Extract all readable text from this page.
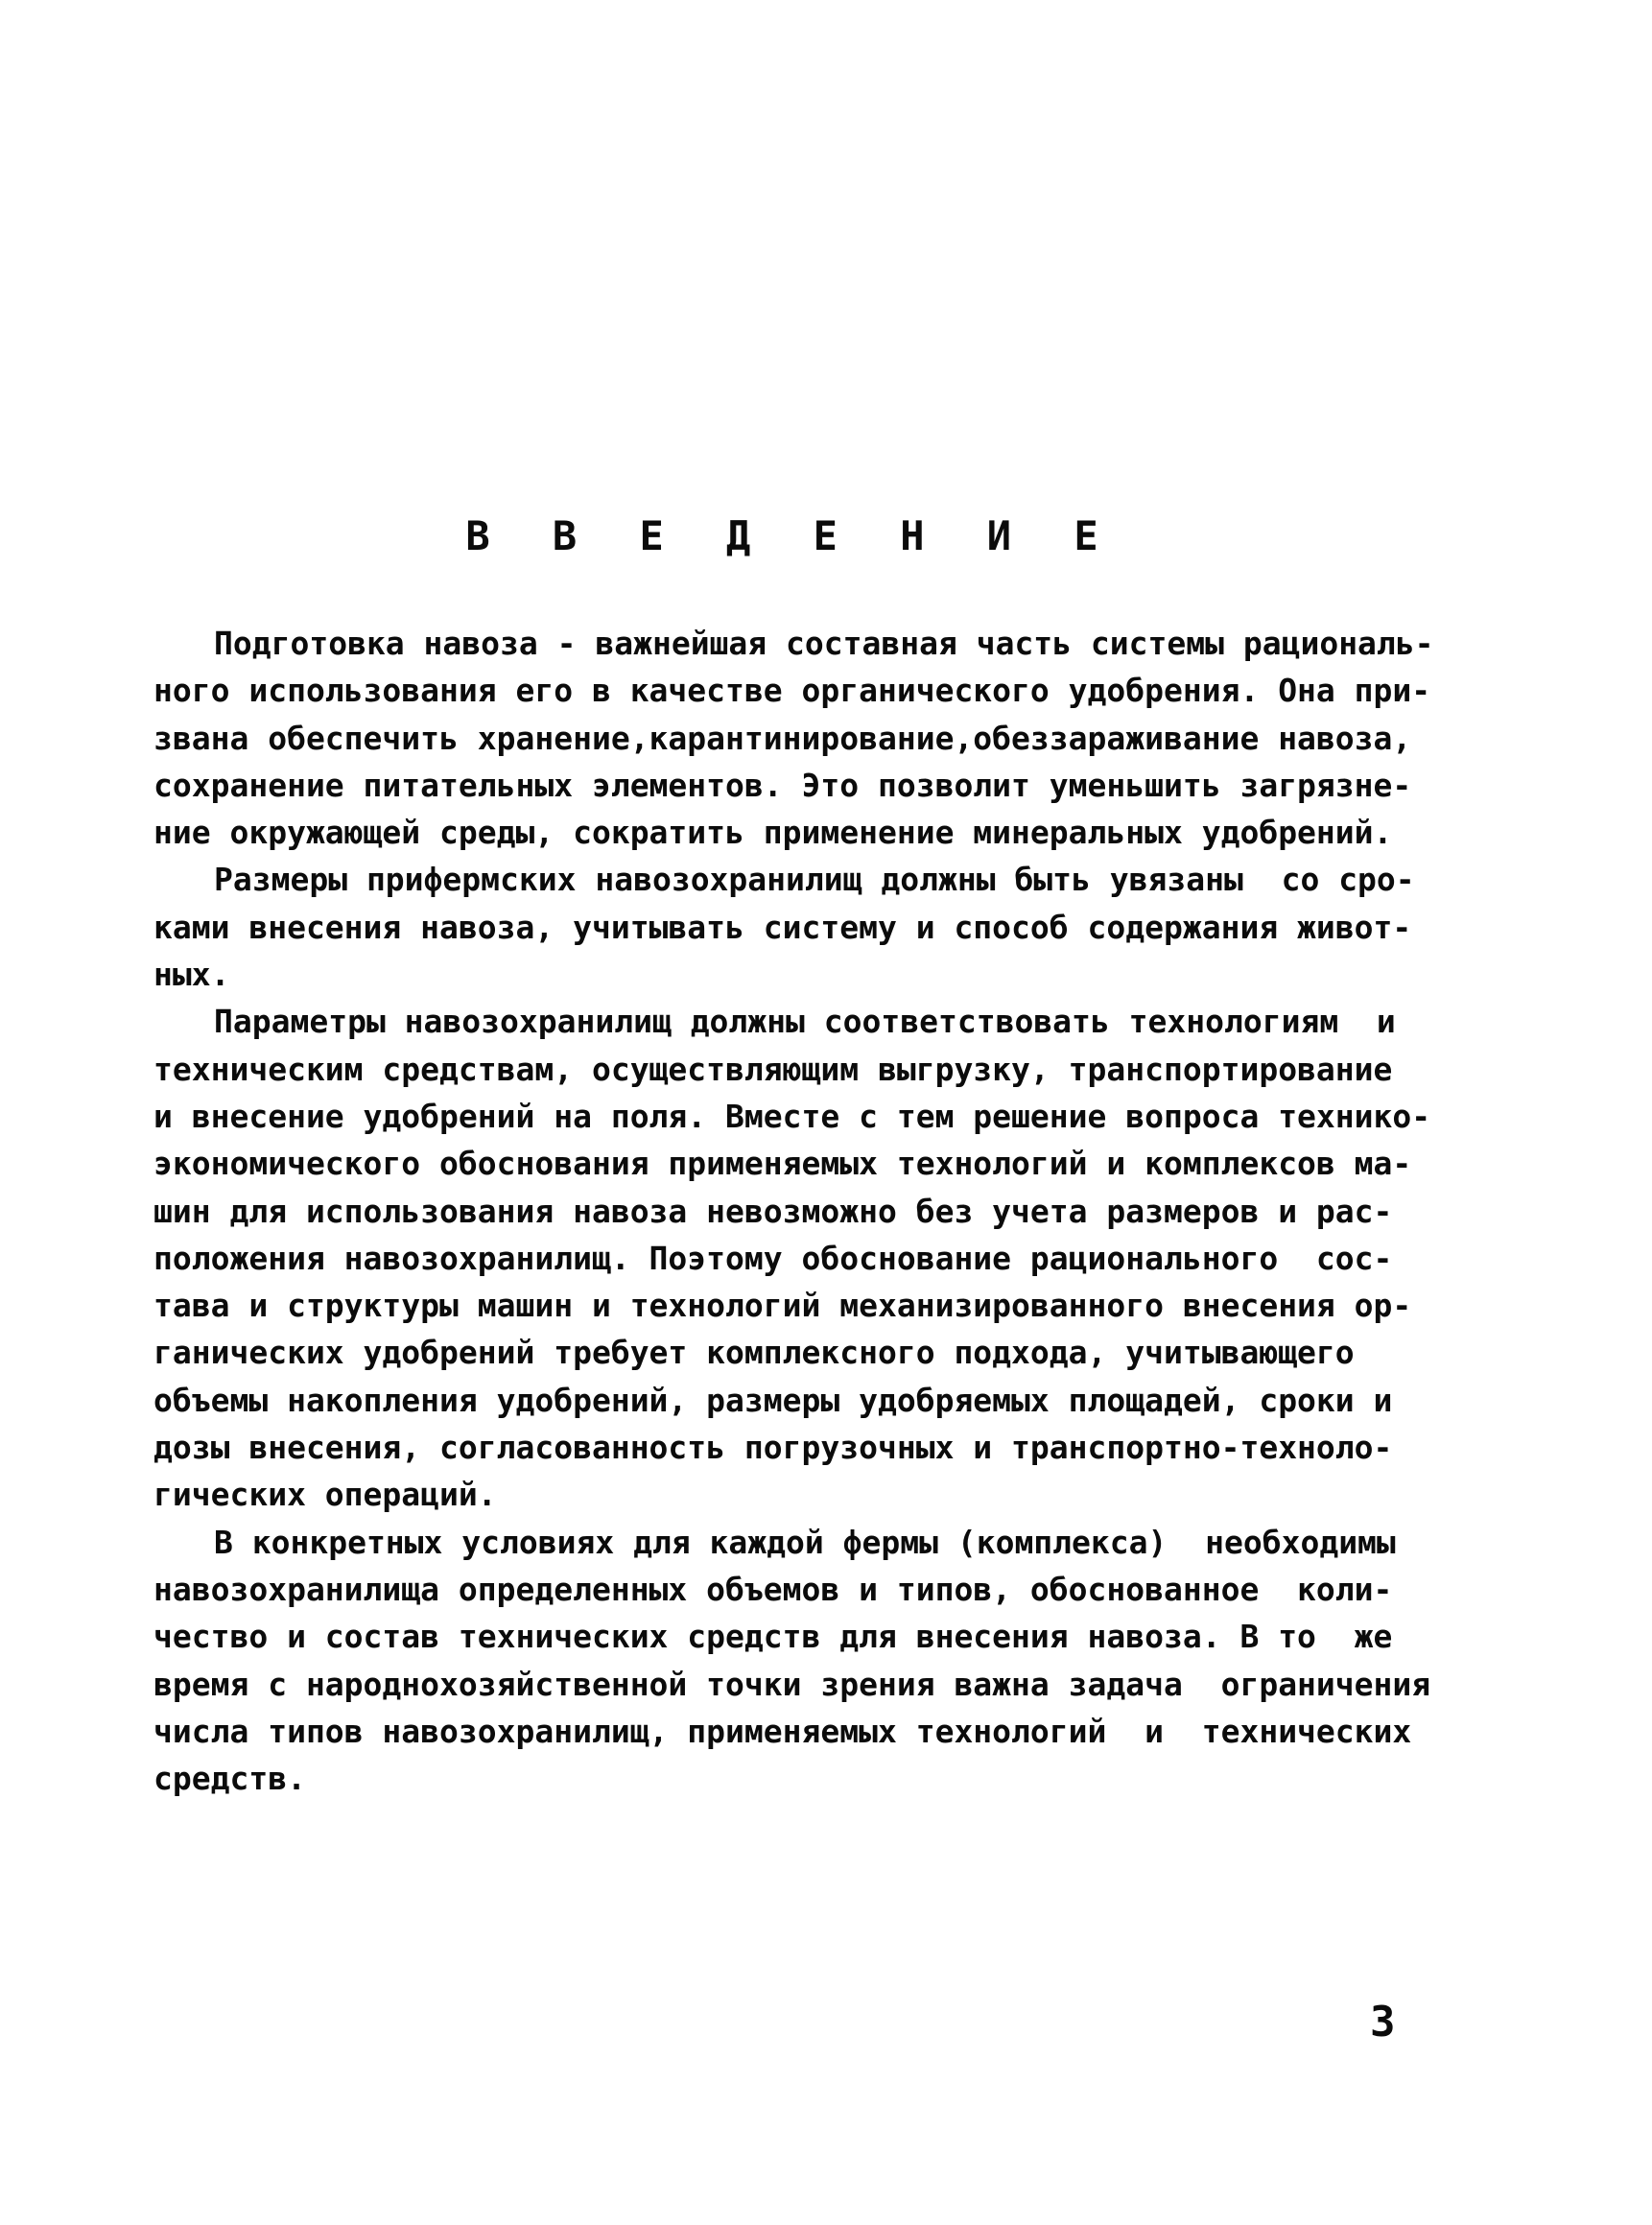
В В Е Д Е Н И Е
Подготовка навоза - важнейшая составная часть системы рациональ-
ного использования его в качестве органического удобрения. Она при-
звана обеспечить хранение,карантинирование,обеззараживание навоза,
сохранение питательных элементов. Это позволит уменьшить загрязне-
ние окружающей среды, сократить применение минеральных удобрений.
Размеры прифермских навозохранилищ должны быть увязаны  со сро-
ками внесения навоза, учитывать систему и способ содержания живот-
ных.
Параметры навозохранилищ должны соответствовать технологиям  и
техническим средствам, осуществляющим выгрузку, транспортирование
и внесение удобрений на поля. Вместе с тем решение вопроса технико-
экономического обоснования применяемых технологий и комплексов ма-
шин для использования навоза невозможно без учета размеров и рас-
положения навозохранилищ. Поэтому обоснование рационального  сос-
тава и структуры машин и технологий механизированного внесения ор-
ганических удобрений требует комплексного подхода, учитывающего
объемы накопления удобрений, размеры удобряемых площадей, сроки и
дозы внесения, согласованность погрузочных и транспортно-техноло-
гических операций.
В конкретных условиях для каждой фермы (комплекса)  необходимы
навозохранилища определенных объемов и типов, обоснованное  коли-
чество и состав технических средств для внесения навоза. В то  же
время с народнохозяйственной точки зрения важна задача  ограничения
числа типов навозохранилищ, применяемых технологий  и  технических
средств.
3
